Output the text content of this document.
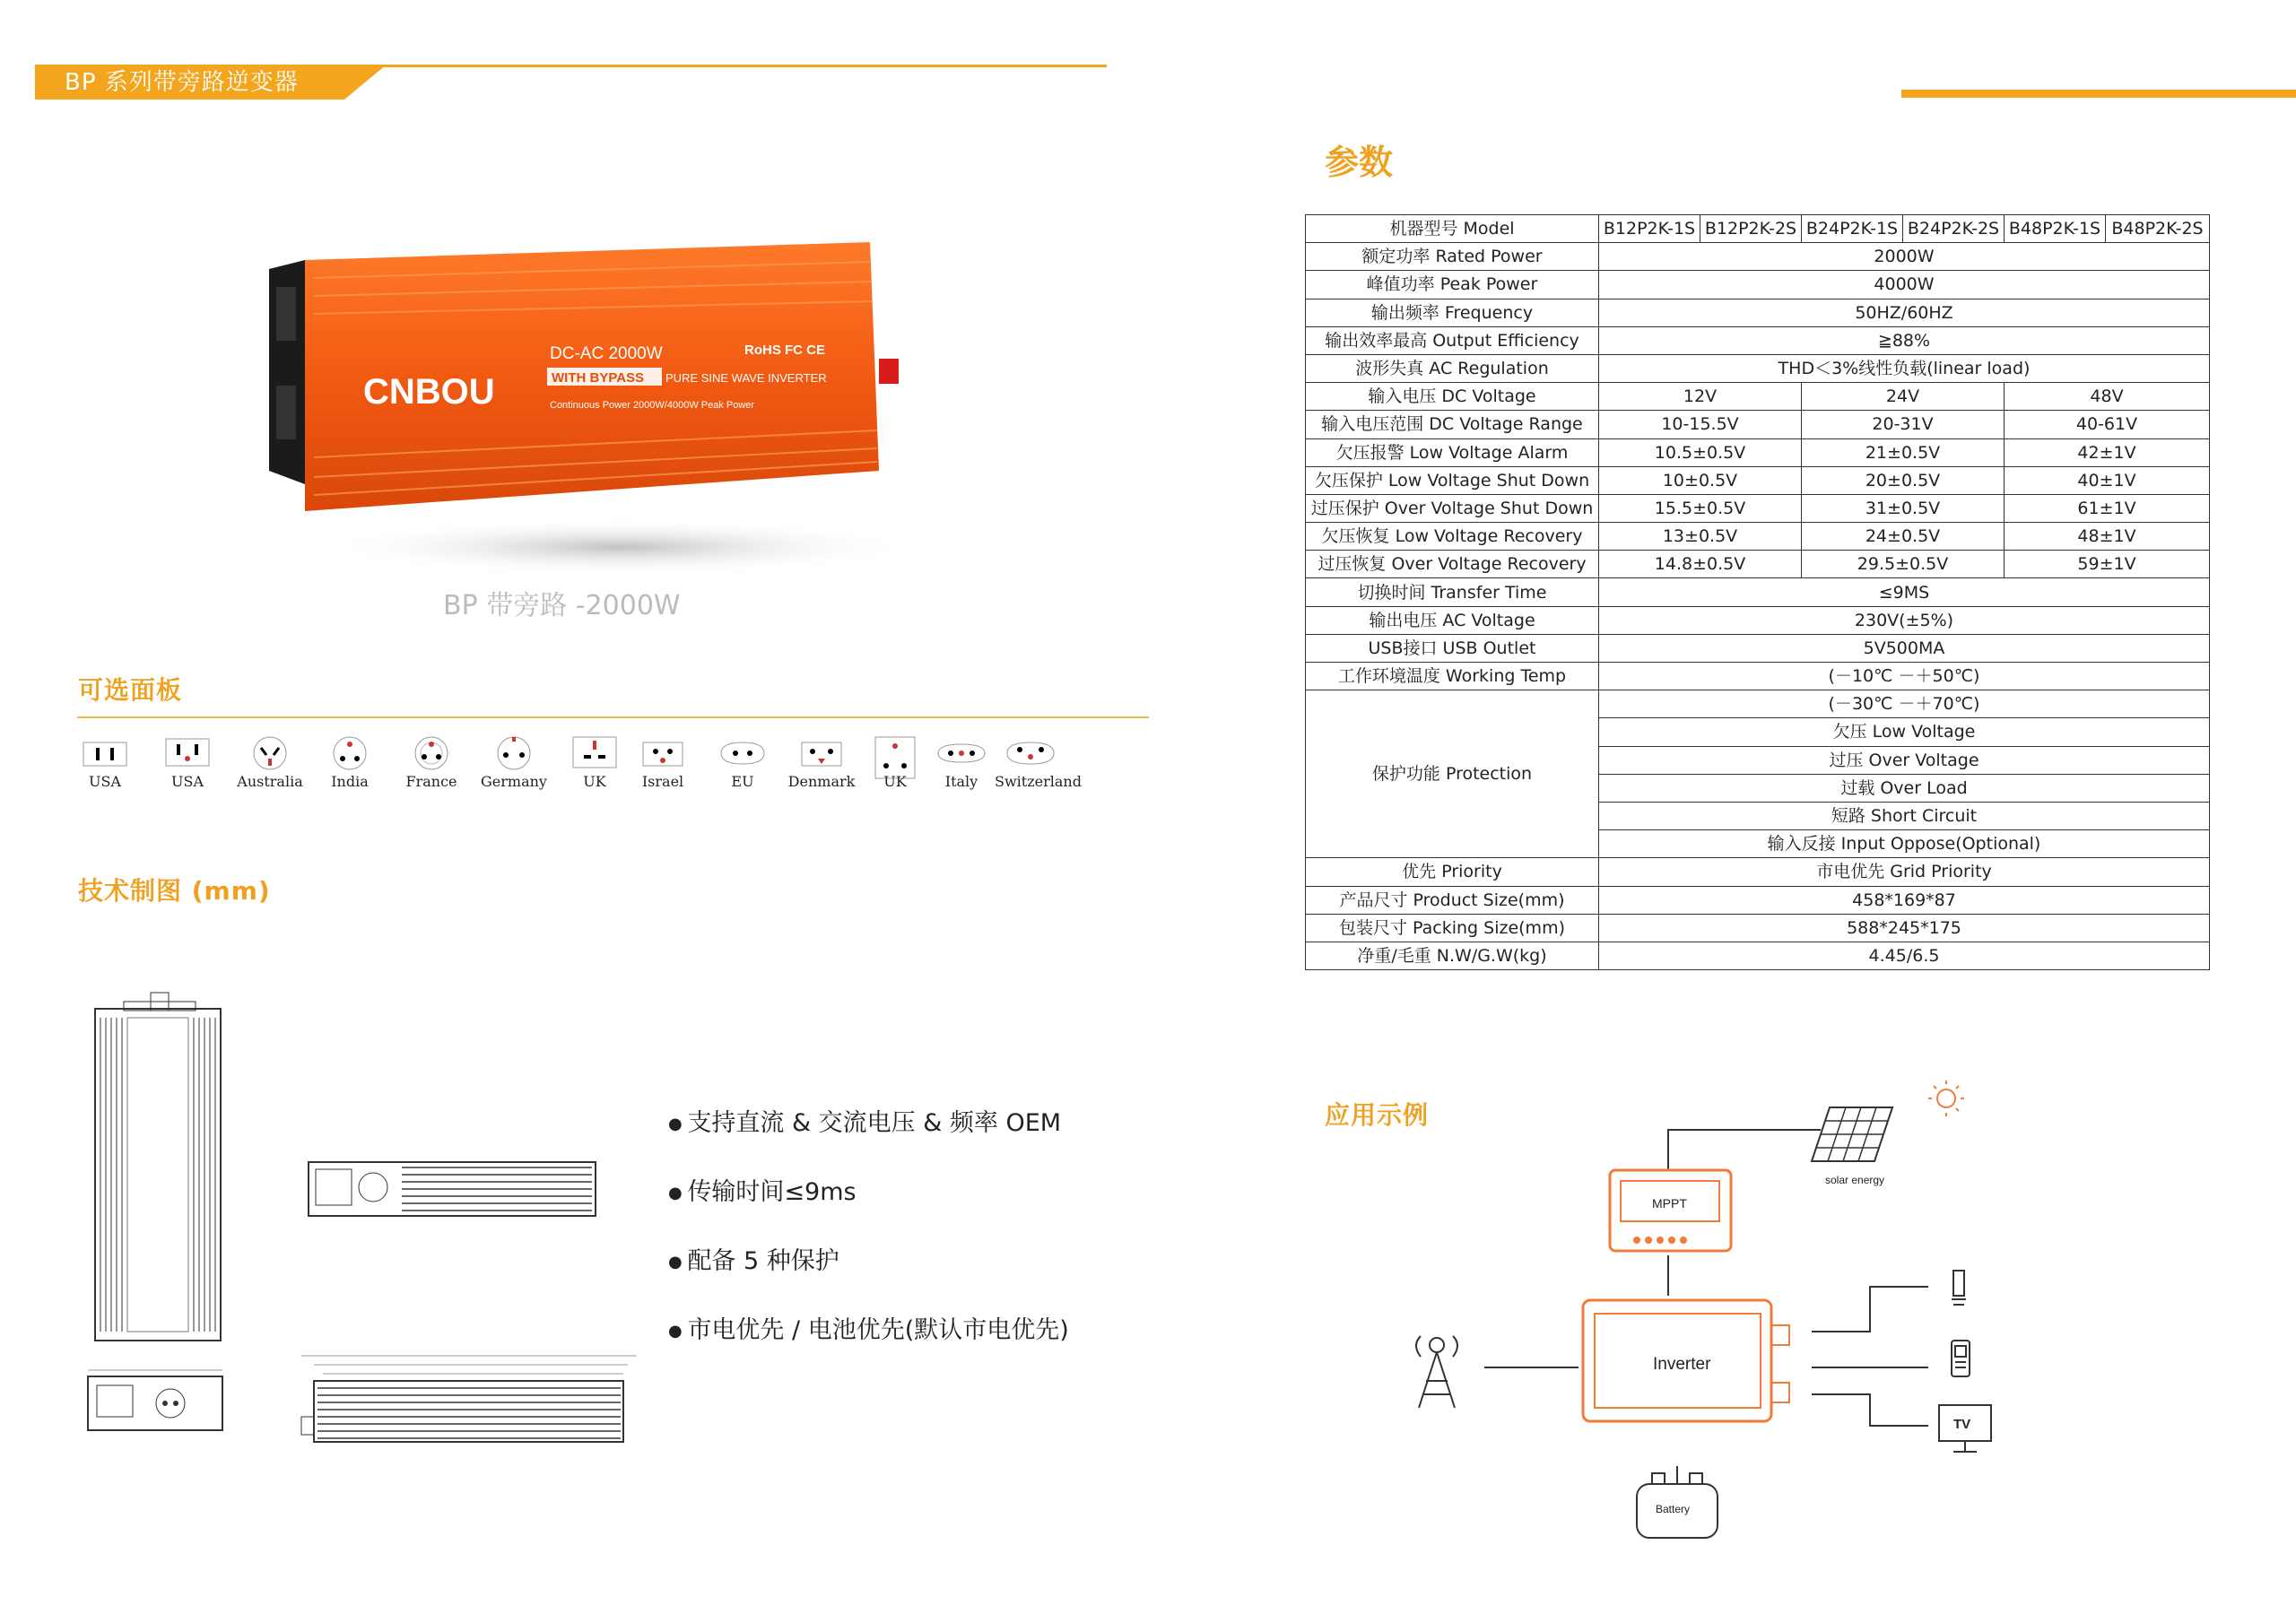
BP 系列带旁路逆变器
CNBOU
DC-AC 2000W
WITH BYPASS PURE SINE WAVE INVERTER
Continuous Power 2000W/4000W Peak Power
RoHS FC CE
BP 带旁路 -2000W
可选面板
USA	USA	Australia	India	France	Germany	UK	Israel	EU	Denmark	UK	Italy	Switzerland
技术制图 (mm)
● 支持直流 & 交流电压 & 频率 OEM
● 传输时间≤9ms
● 配备 5 种保护
● 市电优先 / 电池优先(默认市电优先)
参数
机器型号 Model	B12P2K-1S	B12P2K-2S	B24P2K-1S	B24P2K-2S	B48P2K-1S	B48P2K-2S
额定功率 Rated Power	2000W					
峰值功率 Peak Power	4000W					
输出频率 Frequency	50HZ/60HZ					
输出效率最高 Output Efficiency	≧88%					
波形失真 AC Regulation	THD＜3%线性负载(linear load)					
输入电压 DC Voltage	12V		24V		48V	
输入电压范围 DC Voltage Range	10-15.5V		20-31V		40-61V	
欠压报警 Low Voltage Alarm	10.5±0.5V		21±0.5V		42±1V	
欠压保护 Low Voltage Shut Down	10±0.5V		20±0.5V		40±1V	
过压保护 Over Voltage Shut Down	15.5±0.5V		31±0.5V		61±1V	
欠压恢复 Low Voltage Recovery	13±0.5V		24±0.5V		48±1V	
过压恢复 Over Voltage Recovery	14.8±0.5V		29.5±0.5V		59±1V	
切换时间 Transfer Time	≤9MS					
输出电压 AC Voltage	230V(±5%)					
USB接口 USB Outlet	5V500MA					
工作环境温度 Working Temp	(－10℃ －＋50℃)					
保护功能 Protection	(－30℃ －＋70℃)					
	欠压 Low Voltage					
	过压 Over Voltage					
	过载 Over Load					
	短路 Short Circuit					
	输入反接 Input Oppose(Optional)					
优先 Priority	市电优先 Grid Priority					
产品尺寸 Product Size(mm)	458*169*87					
包装尺寸 Packing Size(mm)	588*245*175					
净重/毛重 N.W/G.W(kg)	4.45/6.5					
应用示例
MPPT
solar energy
Inverter
Battery
TV
